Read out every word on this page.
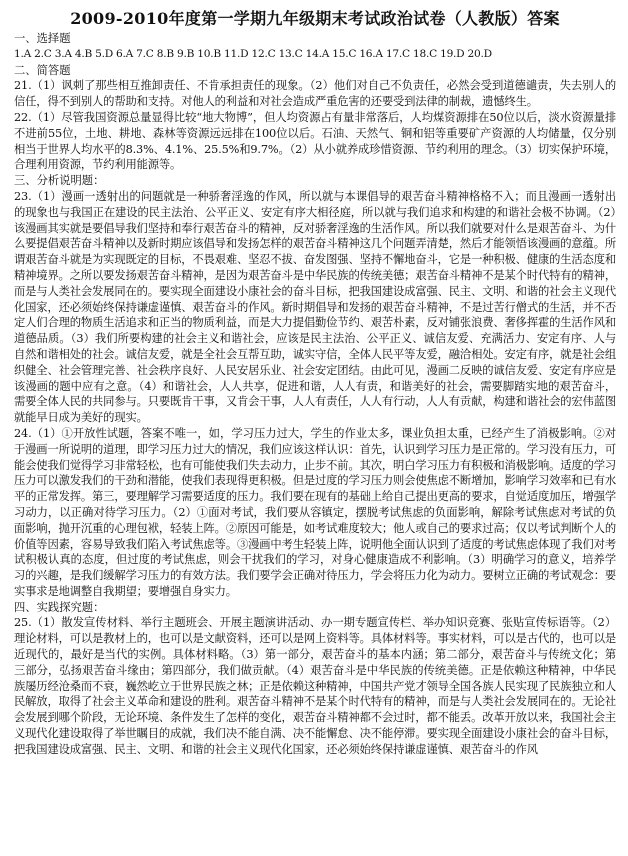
2009-2010年度第一学期九年级期末考试政治试卷（人教版）答案
一、选择题
1.A 2.C 3.A 4.B 5.D 6.A 7.C 8.B 9.B 10.B 11.D 12.C 13.C 14.A 15.C 16.A 17.C 18.C 19.D 20.D
二、简答题

21.（1）讽刺了那些相互推卸责任、不肯承担责任的现象。（2）他们对自己不负责任，必然会受到道德谴责，失去别人的信任，得不到别人的帮助和支持。对他人的利益和对社会造成严重危害的还要受到法律的制裁，遗憾终生。

22.（1）尽管我国资源总量显得比较“地大物博”，但人均资源占有量非常落后，人均煤资源排在50位以后，淡水资源量排不进前55位，土地、耕地、森林等资源远远排在100位以后。石油、天然气、铜和铝等重要矿产资源的人均储量，仅分别相当于世界人均水平的8.3%、4.1%、25.5%和9.7%。（2）从小就养成珍惜资源、节约利用的理念。（3）切实保护环境，合理利用资源，节约利用能源等。

三、分析说明题：

23.（1）漫画一透射出的问题就是一种骄奢淫逸的作风，所以就与本课倡导的艰苦奋斗精神格格不入；而且漫画一透射出的现象也与我国正在建设的民主法治、公平正义、安定有序大相径庭，所以就与我们追求和构建的和谐社会极不协调。（2）该漫画其实就是要倡导我们坚持和奉行艰苦奋斗的精神，反对骄奢淫逸的生活作风。所以我们就要对什么是艰苦奋斗、为什么要提倡艰苦奋斗精神以及新时期应该倡导和发扬怎样的艰苦奋斗精神这几个问题弄清楚，然后才能领悟该漫画的意蕴。所谓艰苦奋斗就是为实现既定的目标，不畏艰难、坚忍不拔、奋发图强、坚持不懈地奋斗，它是一种积极、健康的生活态度和精神境界。之所以要发扬艰苦奋斗精神，是因为艰苦奋斗是中华民族的传统美德；艰苦奋斗精神不是某个时代特有的精神，而是与人类社会发展同在的。要实现全面建设小康社会的奋斗目标，把我国建设成富强、民主、文明、和谐的社会主义现代化国家，还必须始终保持谦虚谨慎、艰苦奋斗的作风。新时期倡导和发扬的艰苦奋斗精神，不是过苦行僧式的生活，并不否定人们合理的物质生活追求和正当的物质利益，而是大力提倡勤俭节约、艰苦朴素，反对铺张浪费、奢侈挥霍的生活作风和道德品质。（3）我们所要构建的社会主义和谐社会，应该是民主法治、公平正义、诚信友爱、充满活力、安定有序、人与自然和谐相处的社会。诚信友爱，就是全社会互帮互助，诚实守信，全体人民平等友爱，融洽相处。安定有序，就是社会组织健全、社会管理完善、社会秩序良好、人民安居乐业、社会安定团结。由此可见，漫画二反映的诚信友爱、安定有序应是该漫画的题中应有之意。（4）和谐社会，人人共享，促进和谐，人人有责，和谐美好的社会，需要脚踏实地的艰苦奋斗，需要全体人民的共同参与。只要既肯干事，又肯会干事，人人有责任，人人有行动，人人有贡献，构建和谐社会的宏伟蓝图就能早日成为美好的现实。

24.（1）①开放性试题，答案不唯一，如，学习压力过大，学生的作业太多，课业负担太重，已经产生了消极影响。②对于漫画一所说明的道理，即学习压力过大的情况，我们应该这样认识：首先，认识到学习压力是正常的。学习没有压力，可能会使我们觉得学习非常轻松，也有可能使我们失去动力，止步不前。其次，明白学习压力有积极和消极影响。适度的学习压力可以激发我们的干劲和潜能，使我们表现得更积极。但是过度的学习压力则会使焦虑不断增加，影响学习效率和已有水平的正常发挥。第三，要理解学习需要适度的压力。我们要在现有的基础上给自己提出更高的要求，自觉适度加压，增强学习动力，以正确对待学习压力。（2）①面对考试，我们要从容镇定，摆脱考试焦虑的负面影响，解除考试焦虑对考试的负面影响，抛开沉重的心理包袱，轻装上阵。②原因可能是，如考试难度较大；他人或自己的要求过高；仅以考试判断个人的价值等因素，容易导致我们陷入考试焦虑等。③漫画中考生轻装上阵，说明他全面认识到了适度的考试焦虑体现了我们对考试积极认真的态度，但过度的考试焦虑，则会干扰我们的学习，对身心健康造成不利影响。（3）明确学习的意义，培养学习的兴趣，是我们缓解学习压力的有效方法。我们要学会正确对待压力，学会将压力化为动力。要树立正确的考试观念：要实事求是地调整自我期望；要增强自身实力。

四、实践探究题：

25.（1）散发宣传材料、举行主题班会、开展主题演讲活动、办一期专题宣传栏、举办知识竞赛、张贴宣传标语等。（2）理论材料，可以是教材上的，也可以是文献资料，还可以是网上资料等。具体材料等。事实材料，可以是古代的，也可以是近现代的，最好是当代的实例。具体材料略。（3）第一部分，艰苦奋斗的基本内涵；第二部分，艰苦奋斗与传统文化；第三部分，弘扬艰苦奋斗缘由；第四部分，我们做贡献。（4）艰苦奋斗是中华民族的传统美德。正是依赖这种精神，中华民族屡历经沧桑而不衰，巍然屹立于世界民族之林；正是依赖这种精神，中国共产党才领导全国各族人民实现了民族独立和人民解放，取得了社会主义革命和建设的胜利。艰苦奋斗精神不是某个时代特有的精神，而是与人类社会发展同在的。无论社会发展到哪个阶段，无论环境、条件发生了怎样的变化，艰苦奋斗精神都不会过时，都不能丢。改革开放以来，我国社会主义现代化建设取得了举世瞩目的成就，我们决不能自满、决不能懈怠、决不能停滞。要实现全面建设小康社会的奋斗目标，把我国建设成富强、民主、文明、和谐的社会主义现代化国家，还必须始终保持谦虚谨慎、艰苦奋斗的作风
